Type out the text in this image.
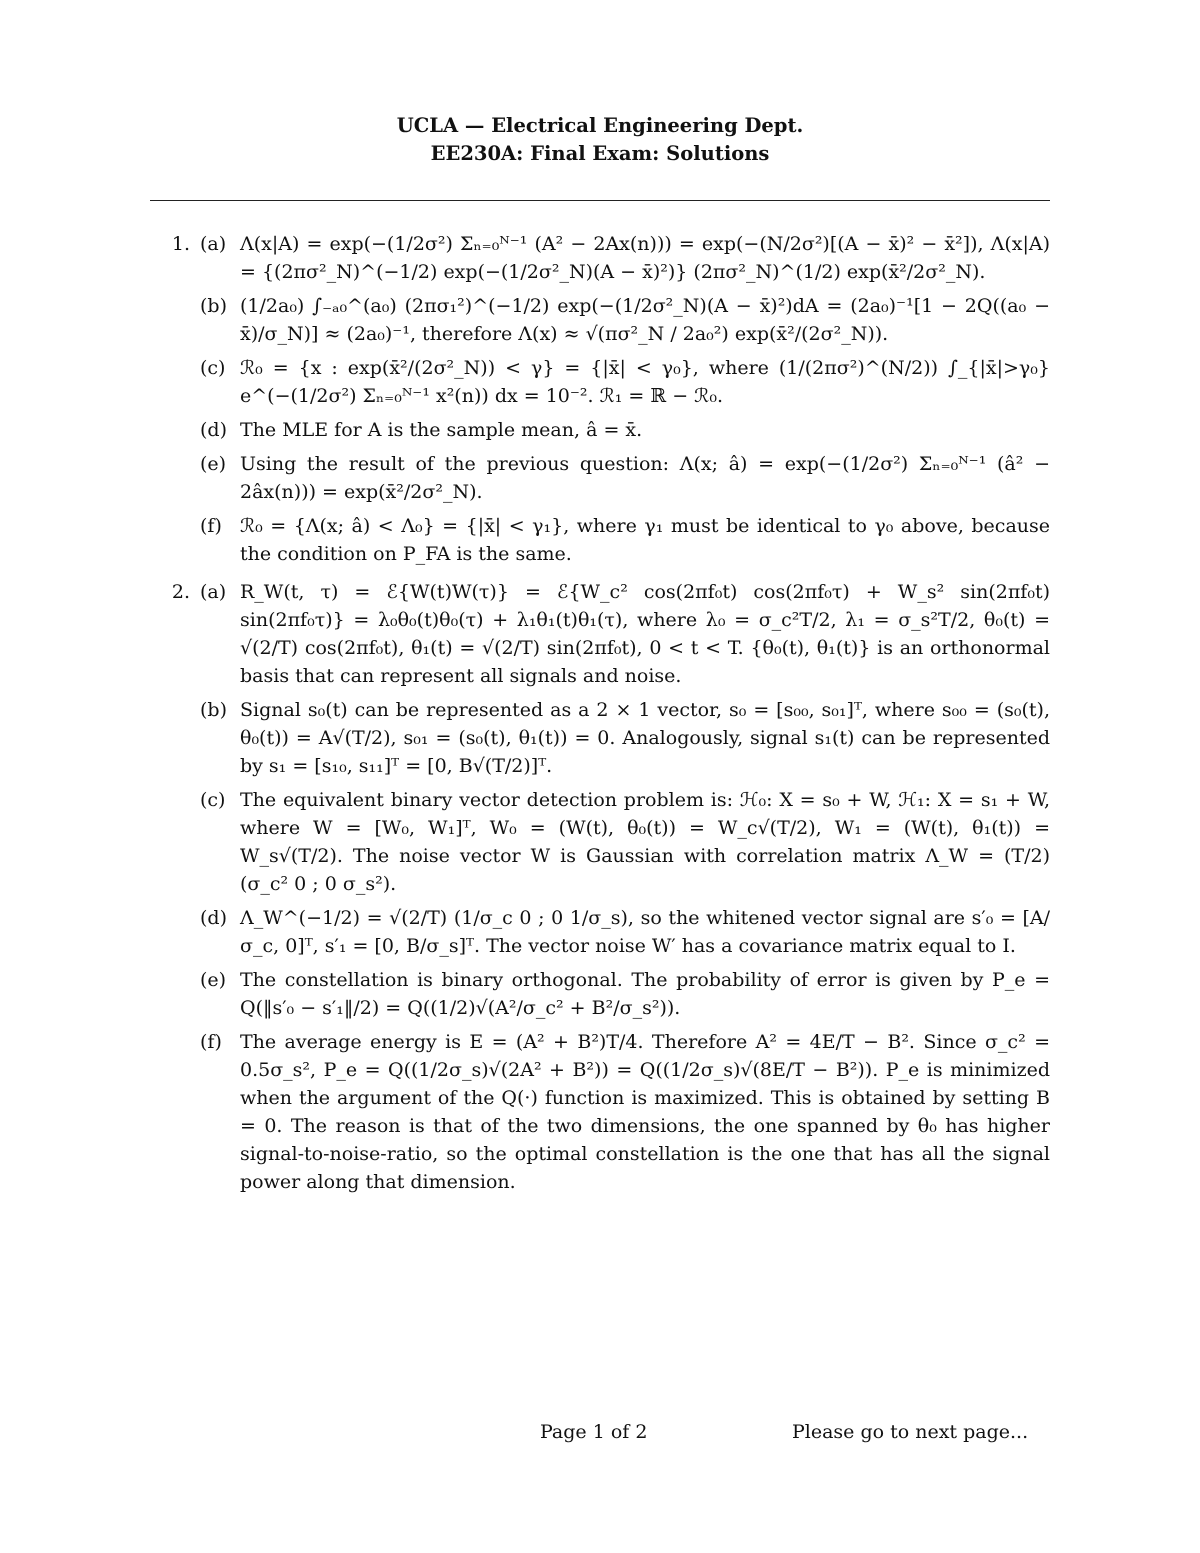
UCLA — Electrical Engineering Dept.
EE230A: Final Exam: Solutions
1. (a) Λ(x|A) = exp(−(1/2σ²) Σₙ₌₀ᴺ⁻¹ (A² − 2Ax(n))) = exp(−(N/2σ²)[(A − x̄)² − x̄²]), Λ(x|A) = {(2πσ²_N)^(−1/2) exp(−(1/2σ²_N)(A − x̄)²)} (2πσ²_N)^(1/2) exp(x̄²/2σ²_N).
(b) (1/2a₀) ∫₋ₐ₀^(a₀) (2πσ₁²)^(−1/2) exp(−(1/2σ²_N)(A − x̄)²)dA = (2a₀)⁻¹[1 − 2Q((a₀ − x̄)/σ_N)] ≈ (2a₀)⁻¹, therefore Λ(x) ≈ √(πσ²_N / 2a₀²) exp(x̄²/(2σ²_N)).
(c) ℛ₀ = {x : exp(x̄²/(2σ²_N)) < γ} = {|x̄| < γ₀}, where (1/(2πσ²)^(N/2)) ∫_{|x̄|>γ₀} e^(−(1/2σ²) Σₙ₌₀ᴺ⁻¹ x²(n)) dx = 10⁻². ℛ₁ = ℝ − ℛ₀.
(d) The MLE for A is the sample mean, â = x̄.
(e) Using the result of the previous question: Λ(x; â) = exp(−(1/2σ²) Σₙ₌₀ᴺ⁻¹ (â² − 2âx(n))) = exp(x̄²/2σ²_N).
(f) ℛ₀ = {Λ(x; â) < Λ₀} = {|x̄| < γ₁}, where γ₁ must be identical to γ₀ above, because the condition on P_FA is the same.
2. (a) R_W(t, τ) = ℰ{W(t)W(τ)} = ℰ{W_c² cos(2πf₀t) cos(2πf₀τ) + W_s² sin(2πf₀t) sin(2πf₀τ)} = λ₀θ₀(t)θ₀(τ) + λ₁θ₁(t)θ₁(τ), where λ₀ = σ_c²T/2, λ₁ = σ_s²T/2, θ₀(t) = √(2/T) cos(2πf₀t), θ₁(t) = √(2/T) sin(2πf₀t), 0 < t < T. {θ₀(t), θ₁(t)} is an orthonormal basis that can represent all signals and noise.
(b) Signal s₀(t) can be represented as a 2 × 1 vector, s₀ = [s₀₀, s₀₁]ᵀ, where s₀₀ = (s₀(t), θ₀(t)) = A√(T/2), s₀₁ = (s₀(t), θ₁(t)) = 0. Analogously, signal s₁(t) can be represented by s₁ = [s₁₀, s₁₁]ᵀ = [0, B√(T/2)]ᵀ.
(c) The equivalent binary vector detection problem is: ℋ₀: X = s₀ + W, ℋ₁: X = s₁ + W, where W = [W₀, W₁]ᵀ, W₀ = (W(t), θ₀(t)) = W_c√(T/2), W₁ = (W(t), θ₁(t)) = W_s√(T/2). The noise vector W is Gaussian with correlation matrix Λ_W = (T/2)(σ_c² 0 ; 0 σ_s²).
(d) Λ_W^(−1/2) = √(2/T) (1/σ_c 0 ; 0 1/σ_s), so the whitened vector signal are s′₀ = [A/σ_c, 0]ᵀ, s′₁ = [0, B/σ_s]ᵀ. The vector noise W′ has a covariance matrix equal to I.
(e) The constellation is binary orthogonal. The probability of error is given by P_e = Q(‖s′₀ − s′₁‖/2) = Q((1/2)√(A²/σ_c² + B²/σ_s²)).
(f) The average energy is E = (A² + B²)T/4. Therefore A² = 4E/T − B². Since σ_c² = 0.5σ_s², P_e = Q((1/2σ_s)√(2A² + B²)) = Q((1/2σ_s)√(8E/T − B²)). P_e is minimized when the argument of the Q(·) function is maximized. This is obtained by setting B = 0. The reason is that of the two dimensions, the one spanned by θ₀ has higher signal-to-noise-ratio, so the optimal constellation is the one that has all the signal power along that dimension.
Page 1 of 2	Please go to next page...
